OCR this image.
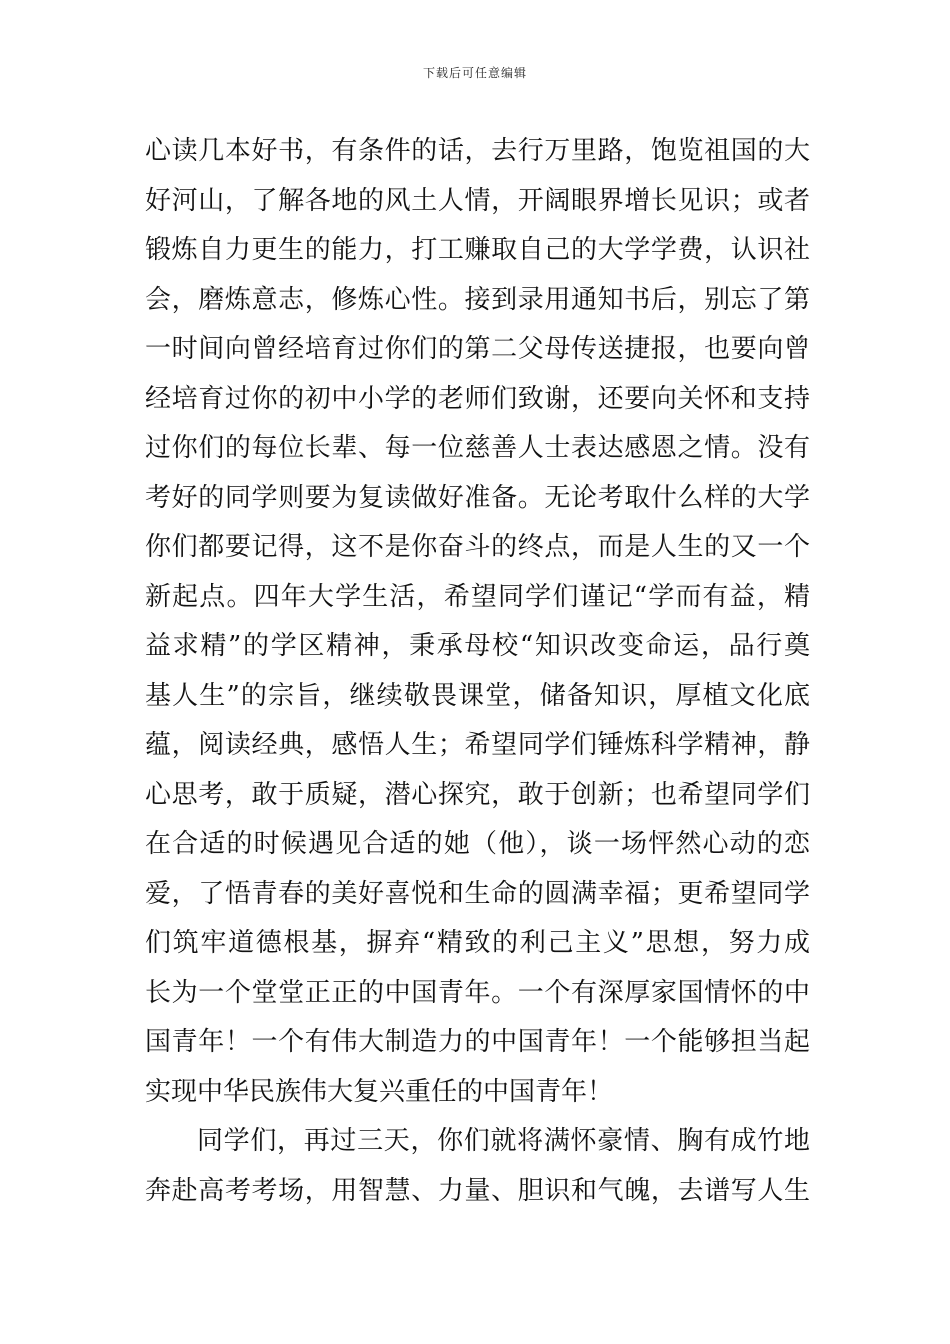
下载后可任意编辑
心读几本好书，有条件的话，去行万里路，饱览祖国的大
好河山，了解各地的风土人情，开阔眼界增长见识；或者
锻炼自力更生的能力，打工赚取自己的大学学费，认识社
会，磨炼意志，修炼心性。接到录用通知书后，别忘了第
一时间向曾经培育过你们的第二父母传送捷报，也要向曾
经培育过你的初中小学的老师们致谢，还要向关怀和支持
过你们的每位长辈、每一位慈善人士表达感恩之情。没有
考好的同学则要为复读做好准备。无论考取什么样的大学
你们都要记得，这不是你奋斗的终点，而是人生的又一个
新起点。四年大学生活，希望同学们谨记“学而有益，精
益求精”的学区精神，秉承母校“知识改变命运，品行奠
基人生”的宗旨，继续敬畏课堂，储备知识，厚植文化底
蕴，阅读经典，感悟人生；希望同学们锤炼科学精神，静
心思考，敢于质疑，潜心探究，敢于创新；也希望同学们
在合适的时候遇见合适的她（他），谈一场怦然心动的恋
爱，了悟青春的美好喜悦和生命的圆满幸福；更希望同学
们筑牢道德根基，摒弃“精致的利己主义”思想，努力成
长为一个堂堂正正的中国青年。一个有深厚家国情怀的中
国青年！一个有伟大制造力的中国青年！一个能够担当起
实现中华民族伟大复兴重任的中国青年！
同学们，再过三天，你们就将满怀豪情、胸有成竹地
奔赴高考考场，用智慧、力量、胆识和气魄，去谱写人生
